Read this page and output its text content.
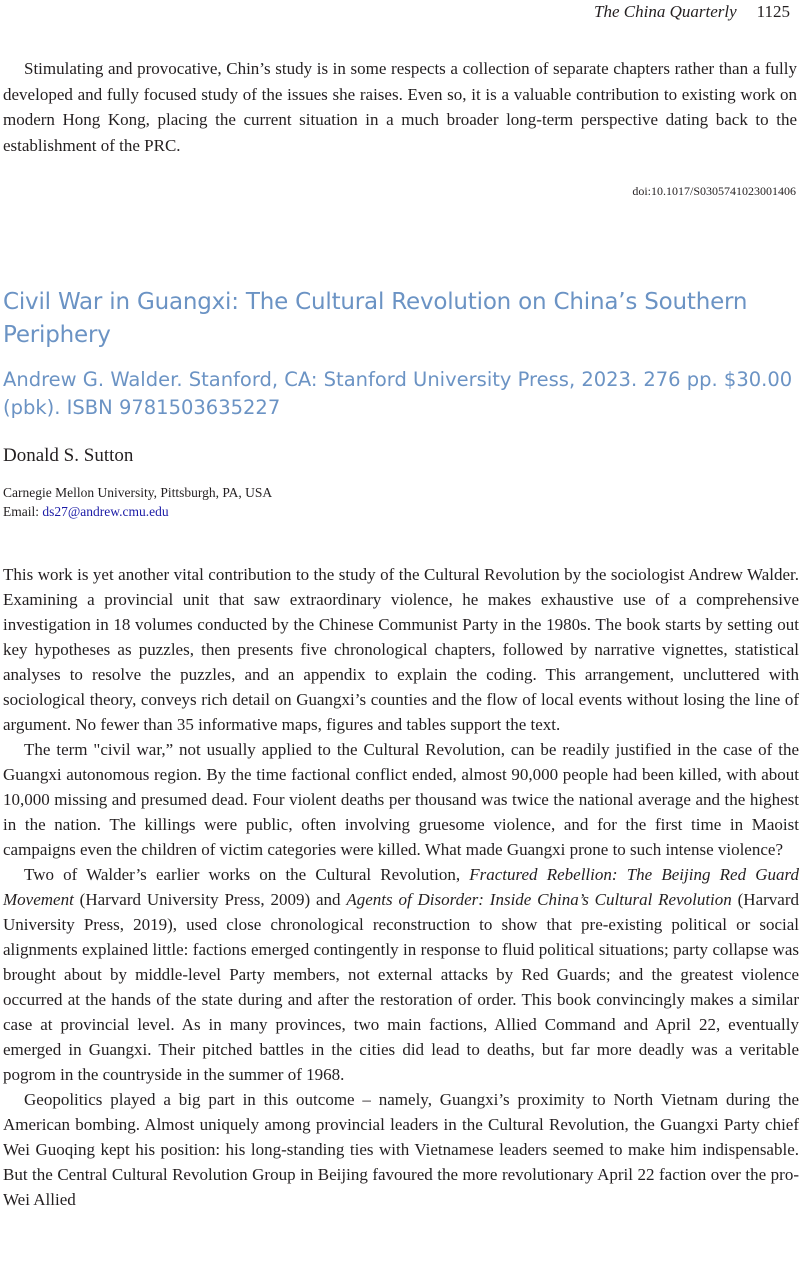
The China Quarterly 1125

Stimulating and provocative, Chin’s study is in some respects a collection of separate chapters rather than a fully developed and fully focused study of the issues she raises. Even so, it is a valuable contribution to existing work on modern Hong Kong, placing the current situation in a much broader long-term perspective dating back to the establishment of the PRC.

doi:10.1017/S0305741023001406
Civil War in Guangxi: The Cultural Revolution on China’s Southern Periphery
Andrew G. Walder. Stanford, CA: Stanford University Press, 2023. 276 pp. $30.00 (pbk). ISBN 9781503635227
Donald S. Sutton
Carnegie Mellon University, Pittsburgh, PA, USA
Email: ds27@andrew.cmu.edu

This work is yet another vital contribution to the study of the Cultural Revolution by the sociologist Andrew Walder. Examining a provincial unit that saw extraordinary violence, he makes exhaustive use of a comprehensive investigation in 18 volumes conducted by the Chinese Communist Party in the 1980s. The book starts by setting out key hypotheses as puzzles, then presents five chronological chapters, followed by narrative vignettes, statistical analyses to resolve the puzzles, and an appendix to explain the coding. This arrangement, uncluttered with sociological theory, conveys rich detail on Guangxi’s counties and the flow of local events without losing the line of argument. No fewer than 35 informative maps, figures and tables support the text.

The term "civil war,” not usually applied to the Cultural Revolution, can be readily justified in the case of the Guangxi autonomous region. By the time factional conflict ended, almost 90,000 people had been killed, with about 10,000 missing and presumed dead. Four violent deaths per thousand was twice the national average and the highest in the nation. The killings were public, often involving gruesome violence, and for the first time in Maoist campaigns even the children of victim categories were killed. What made Guangxi prone to such intense violence?

Two of Walder’s earlier works on the Cultural Revolution, Fractured Rebellion: The Beijing Red Guard Movement (Harvard University Press, 2009) and Agents of Disorder: Inside China’s Cultural Revolution (Harvard University Press, 2019), used close chronological reconstruction to show that pre-existing political or social alignments explained little: factions emerged contingently in response to fluid political situations; party collapse was brought about by middle-level Party members, not external attacks by Red Guards; and the greatest violence occurred at the hands of the state during and after the restoration of order. This book convincingly makes a similar case at provincial level. As in many provinces, two main factions, Allied Command and April 22, eventually emerged in Guangxi. Their pitched battles in the cities did lead to deaths, but far more deadly was a veritable pogrom in the countryside in the summer of 1968.

Geopolitics played a big part in this outcome – namely, Guangxi’s proximity to North Vietnam during the American bombing. Almost uniquely among provincial leaders in the Cultural Revolution, the Guangxi Party chief Wei Guoqing kept his position: his long-standing ties with Vietnamese leaders seemed to make him indispensable. But the Central Cultural Revolution Group in Beijing favoured the more revolutionary April 22 faction over the pro-Wei Allied
